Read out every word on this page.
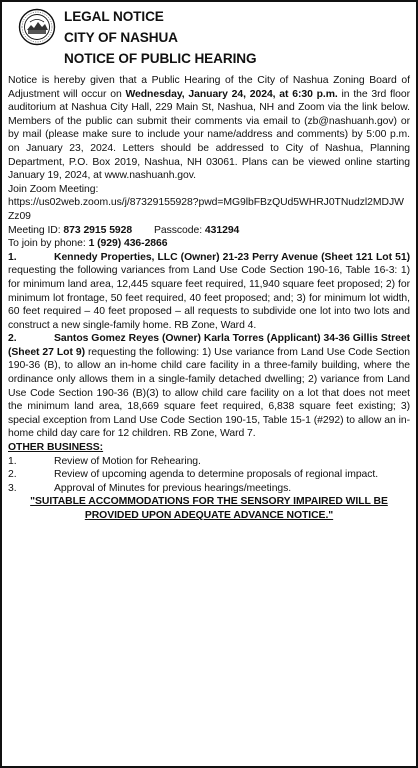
LEGAL NOTICE
CITY OF NASHUA
NOTICE OF PUBLIC HEARING
Notice is hereby given that a Public Hearing of the City of Nashua Zoning Board of Adjustment will occur on Wednesday, January 24, 2024, at 6:30 p.m. in the 3rd floor auditorium at Nashua City Hall, 229 Main St, Nashua, NH and Zoom via the link below. Members of the public can submit their comments via email to (zb@nashuanh.gov) or by mail (please make sure to include your name/address and comments) by 5:00 p.m. on January 23, 2024. Letters should be addressed to City of Nashua, Planning Department, P.O. Box 2019, Nashua, NH 03061. Plans can be viewed online starting January 19, 2024, at www.nashuanh.gov.
Join Zoom Meeting:
https://us02web.zoom.us/j/87329155928?pwd=MG9lbFBzQUd5WHRJ0TNudzl2MDJWZz09
Meeting ID: 873 2915 5928	Passcode: 431294
To join by phone: 1 (929) 436-2866
1.	Kennedy Properties, LLC (Owner) 21-23 Perry Avenue (Sheet 121 Lot 51) requesting the following variances from Land Use Code Section 190-16, Table 16-3: 1) for minimum land area, 12,445 square feet required, 11,940 square feet proposed; 2) for minimum lot frontage, 50 feet required, 40 feet proposed; and; 3) for minimum lot width, 60 feet required – 40 feet proposed – all requests to subdivide one lot into two lots and construct a new single-family home. RB Zone, Ward 4.
2.	Santos Gomez Reyes (Owner) Karla Torres (Applicant) 34-36 Gillis Street (Sheet 27 Lot 9) requesting the following: 1) Use variance from Land Use Code Section 190-36 (B), to allow an in-home child care facility in a three-family building, where the ordinance only allows them in a single-family detached dwelling; 2) variance from Land Use Code Section 190-36 (B)(3) to allow child care facility on a lot that does not meet the minimum land area, 18,669 square feet required, 6,838 square feet existing; 3) special exception from Land Use Code Section 190-15, Table 15-1 (#292) to allow an in-home child day care for 12 children. RB Zone, Ward 7.
OTHER BUSINESS:
1.	Review of Motion for Rehearing.
2.	Review of upcoming agenda to determine proposals of regional impact.
3.	Approval of Minutes for previous hearings/meetings.
"SUITABLE ACCOMMODATIONS FOR THE SENSORY IMPAIRED WILL BE PROVIDED UPON ADEQUATE ADVANCE NOTICE."
